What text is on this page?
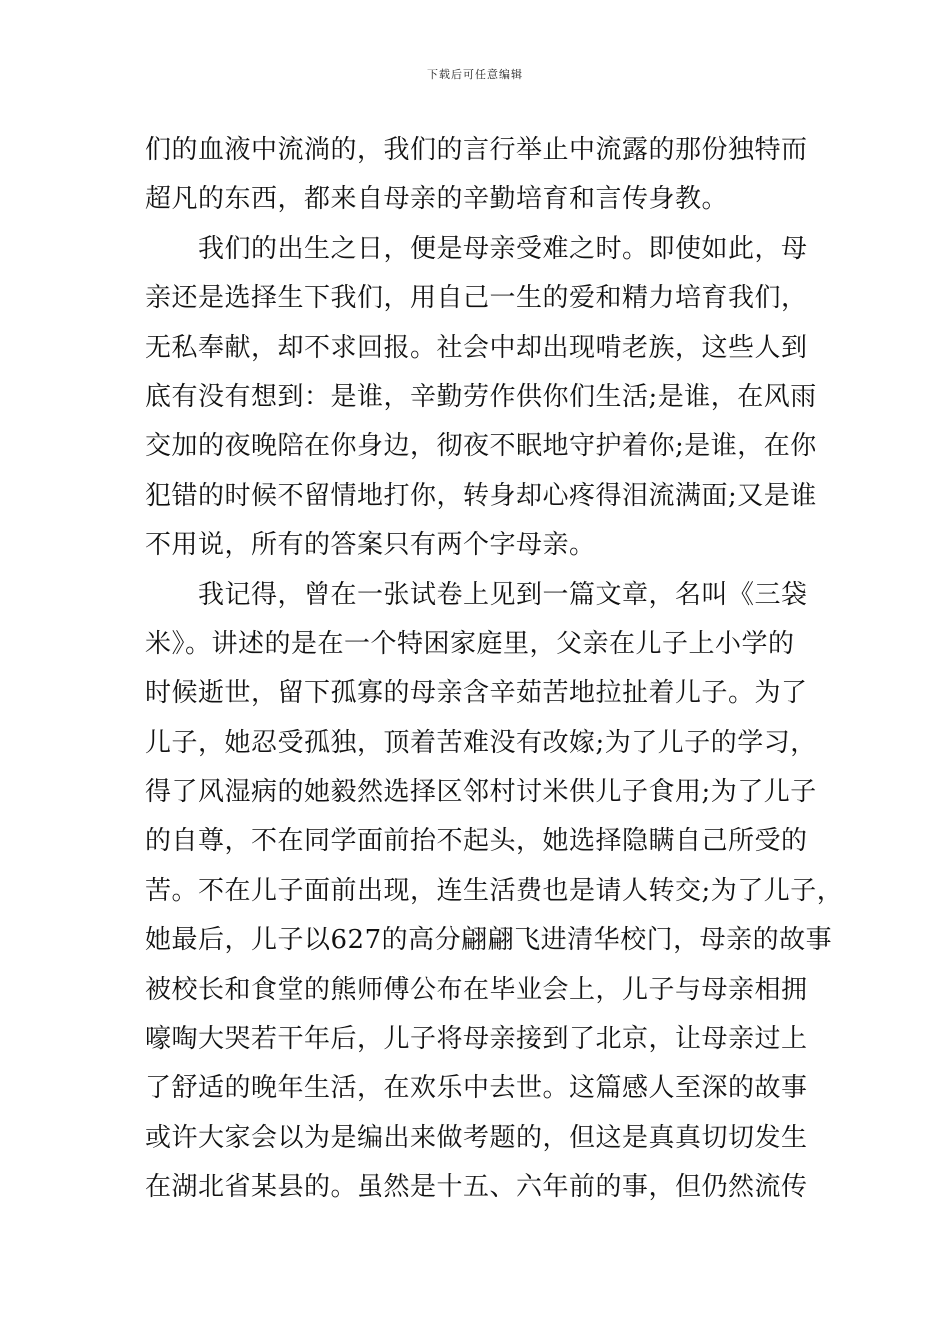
下载后可任意编辑
们的血液中流淌的，我们的言行举止中流露的那份独特而
超凡的东西，都来自母亲的辛勤培育和言传身教。
　　我们的出生之日，便是母亲受难之时。即使如此，母
亲还是选择生下我们，用自己一生的爱和精力培育我们，
无私奉献，却不求回报。社会中却出现啃老族，这些人到
底有没有想到：是谁，辛勤劳作供你们生活;是谁，在风雨
交加的夜晚陪在你身边，彻夜不眠地守护着你;是谁，在你
犯错的时候不留情地打你，转身却心疼得泪流满面;又是谁
不用说，所有的答案只有两个字母亲。
　　我记得，曾在一张试卷上见到一篇文章，名叫《三袋
米》。讲述的是在一个特困家庭里，父亲在儿子上小学的
时候逝世，留下孤寡的母亲含辛茹苦地拉扯着儿子。为了
儿子，她忍受孤独，顶着苦难没有改嫁;为了儿子的学习，
得了风湿病的她毅然选择区邻村讨米供儿子食用;为了儿子
的自尊，不在同学面前抬不起头，她选择隐瞒自己所受的
苦。不在儿子面前出现，连生活费也是请人转交;为了儿子，
她最后，儿子以627的高分翩翩飞进清华校门，母亲的故事
被校长和食堂的熊师傅公布在毕业会上，儿子与母亲相拥
嚎啕大哭若干年后，儿子将母亲接到了北京，让母亲过上
了舒适的晚年生活，在欢乐中去世。这篇感人至深的故事
或许大家会以为是编出来做考题的，但这是真真切切发生
在湖北省某县的。虽然是十五、六年前的事，但仍然流传
